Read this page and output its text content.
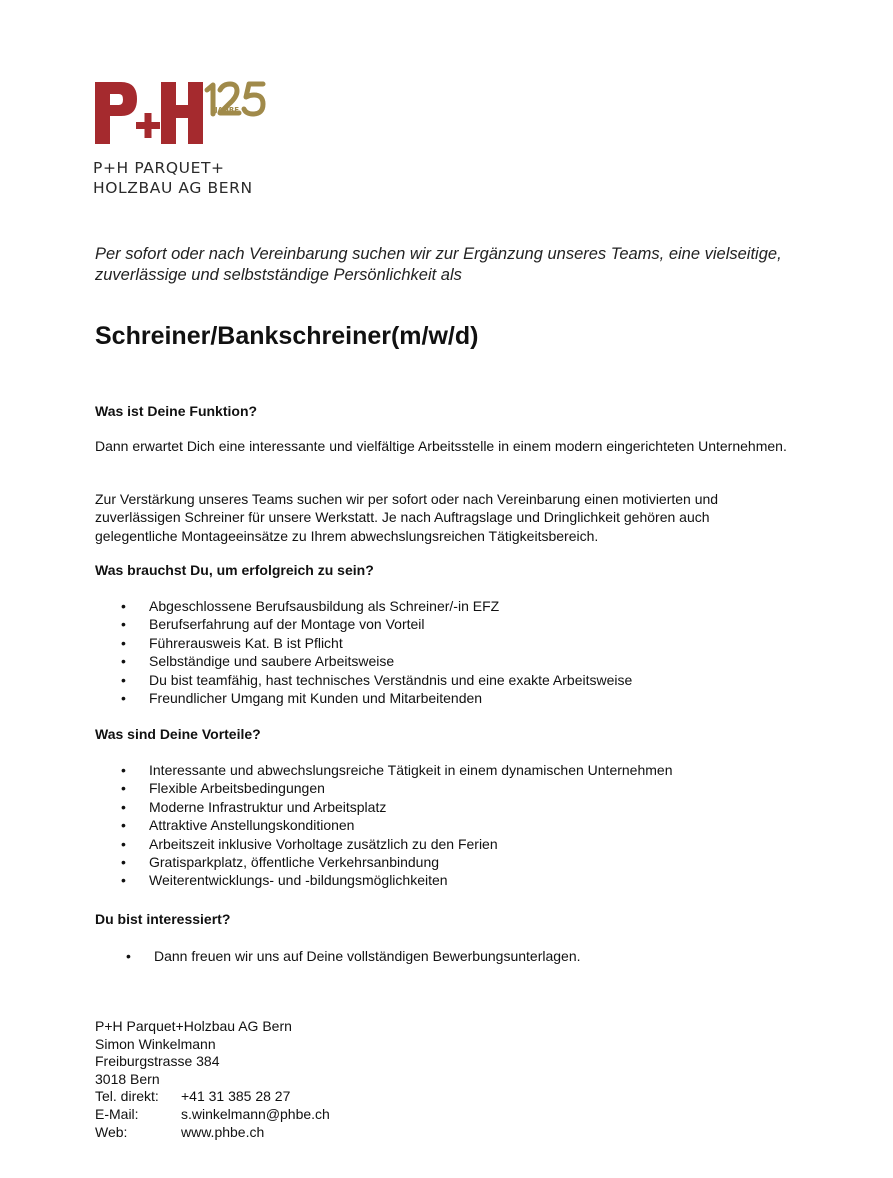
JAHRE
P+H PARQUET+
HOLZBAU AG BERN
Per sofort oder nach Vereinbarung suchen wir zur Ergänzung unseres Teams, eine vielseitige, zuverlässige und selbstständige Persönlichkeit als
Schreiner/Bankschreiner(m/w/d)
Was ist Deine Funktion?
Dann erwartet Dich eine interessante und vielfältige Arbeitsstelle in einem modern eingerichteten Unternehmen.
Zur Verstärkung unseres Teams suchen wir per sofort oder nach Vereinbarung einen motivierten und zuverlässigen Schreiner für unsere Werkstatt. Je nach Auftragslage und Dringlichkeit gehören auch gelegentliche Montageeinsätze zu Ihrem abwechslungsreichen Tätigkeitsbereich.
Was brauchst Du, um erfolgreich zu sein?
• Abgeschlossene Berufsausbildung als Schreiner/-in EFZ
• Berufserfahrung auf der Montage von Vorteil
• Führerausweis Kat. B ist Pflicht
• Selbständige und saubere Arbeitsweise
• Du bist teamfähig, hast technisches Verständnis und eine exakte Arbeitsweise
• Freundlicher Umgang mit Kunden und Mitarbeitenden
Was sind Deine Vorteile?
• Interessante und abwechslungsreiche Tätigkeit in einem dynamischen Unternehmen
• Flexible Arbeitsbedingungen
• Moderne Infrastruktur und Arbeitsplatz
• Attraktive Anstellungskonditionen
• Arbeitszeit inklusive Vorholtage zusätzlich zu den Ferien
• Gratisparkplatz, öffentliche Verkehrsanbindung
• Weiterentwicklungs- und -bildungsmöglichkeiten
Du bist interessiert?
• Dann freuen wir uns auf Deine vollständigen Bewerbungsunterlagen.
P+H Parquet+Holzbau AG Bern
Simon Winkelmann
Freiburgstrasse 384
3018 Bern
Tel. direkt:	+41 31 385 28 27
E-Mail:	s.winkelmann@phbe.ch
Web:	www.phbe.ch
